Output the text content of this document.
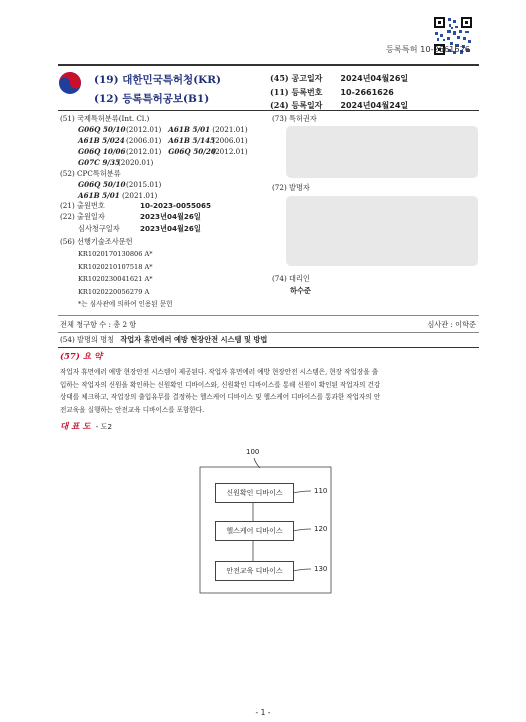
등록특허 10-2661626
(19) 대한민국특허청(KR)
(12) 등록특허공보(B1)
(45) 공고일자 2024년04월26일
(11) 등록번호 10-2661626
(24) 등록일자 2024년04월24일
(51) 국제특허분류(Int. Cl.)
G06Q 50/10(2012.01) A61B 5/01 (2021.01)
A61B 5/024(2006.01) A61B 5/145(2006.01)
G06Q 10/06(2012.01) G06Q 50/20(2012.01)
G07C 9/35(2020.01)
(52) CPC특허분류
G06Q 50/10(2015.01)
A61B 5/01 (2021.01)
(21) 출원번호	10-2023-0055065
(22) 출원일자	2023년04월26일
심사청구일자	2023년04월26일
(56) 선행기술조사문헌
KR1020170130806 A*
KR1020210107518 A*
KR1020230041621 A*
KR1020220056279 A
*는 심사관에 의하여 인용된 문헌
(73) 특허권자
(72) 발명자
(74) 대리인
하수준
전체 청구항 수 : 총 2 항	심사관 : 이학준
(54) 발명의 명칭 작업자 휴먼에러 예방 현장안전 시스템 및 방법
(57) 요 약
작업자 휴먼에러 예방 현장안전 시스템이 제공된다. 작업자 휴먼에러 예방 현장안전 시스템은, 현장 작업장을 출
입하는 작업자의 신원을 확인하는 신원확인 디바이스와, 신원확인 디바이스를 통해 신원이 확인된 작업자의 건강
상태를 체크하고, 작업장의 출입유무를 결정하는 헬스케어 디바이스 및 헬스케어 디바이스를 통과한 작업자의 안
전교육을 실행하는 안전교육 디바이스를 포함한다.
대 표 도 - 도2
100
신원확인 디바이스
헬스케어 디바이스
안전교육 디바이스
110
120
130
- 1 -
